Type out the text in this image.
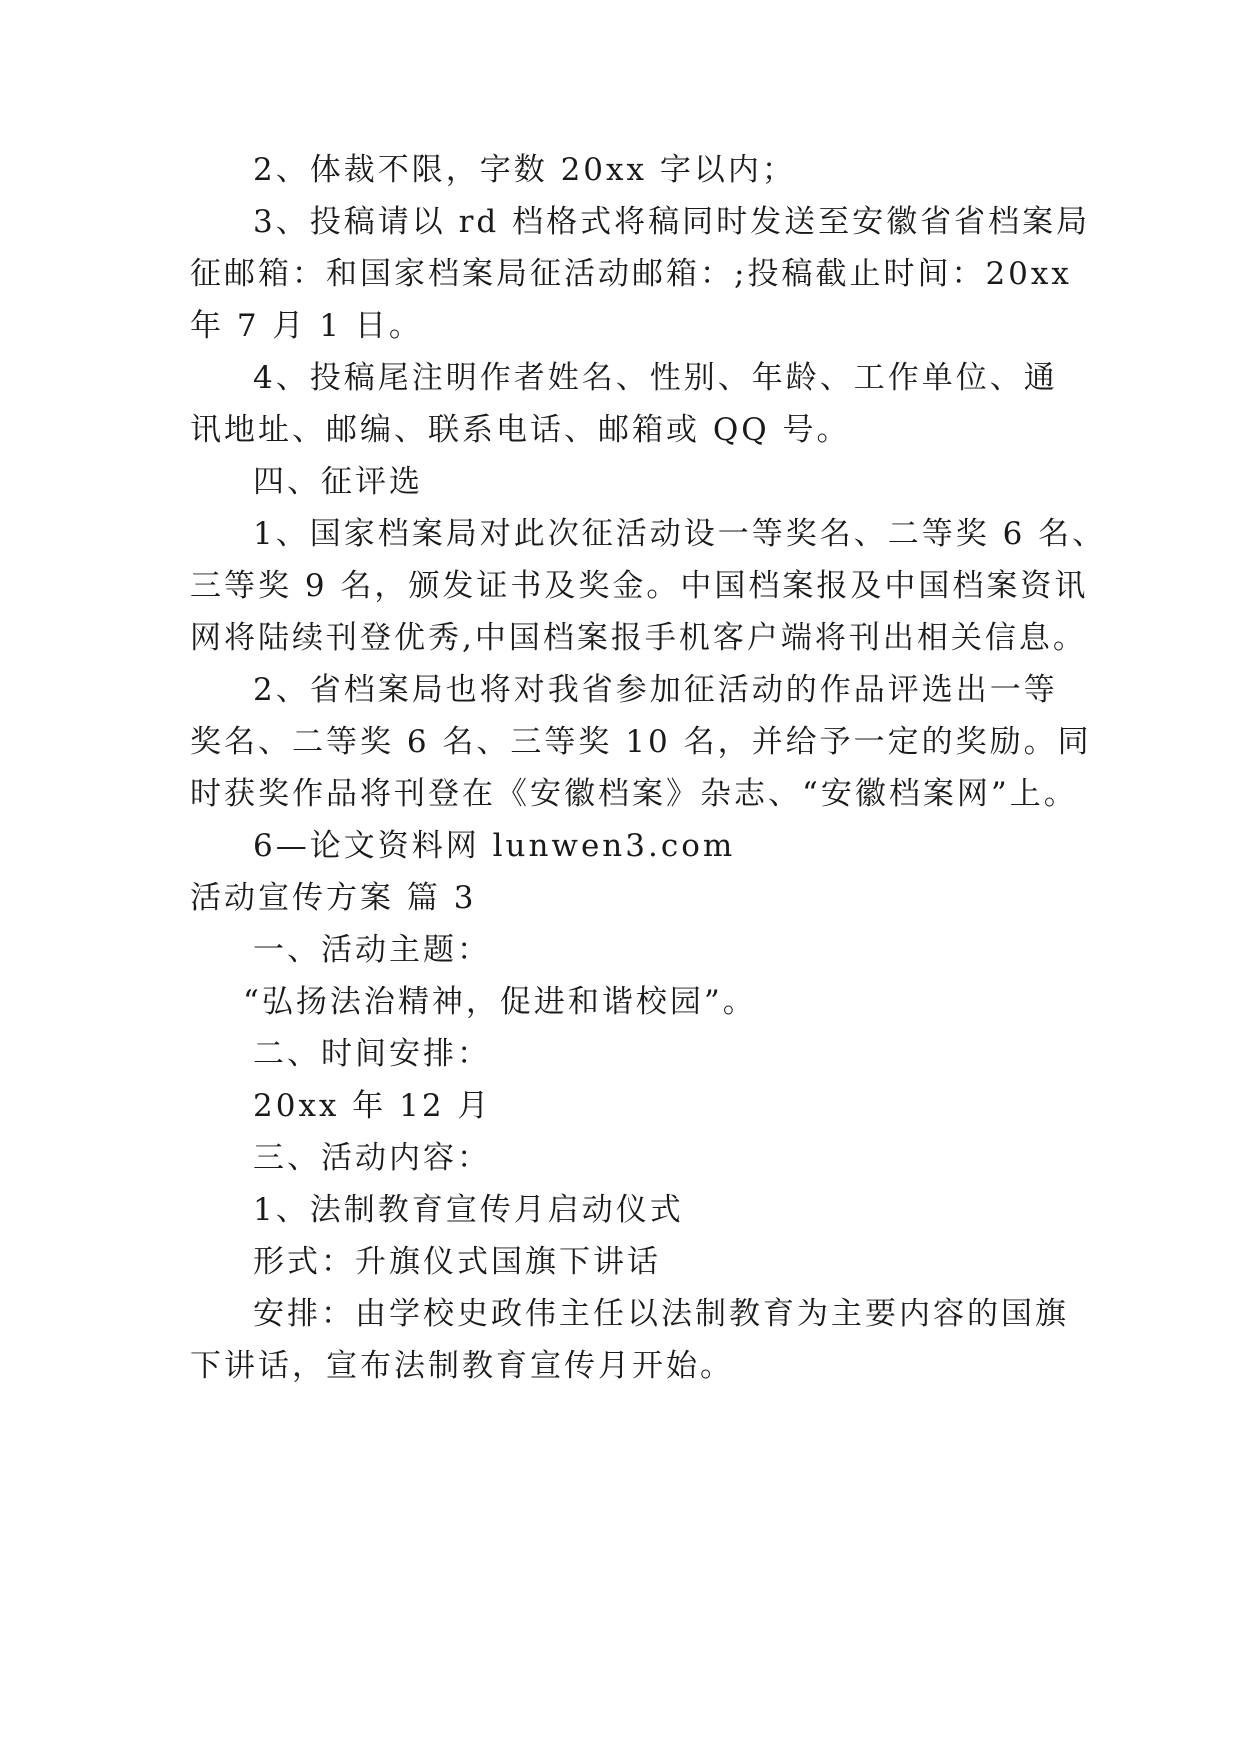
2、体裁不限，字数 20xx 字以内；
3、投稿请以 rd 档格式将稿同时发送至安徽省省档案局
征邮箱：和国家档案局征活动邮箱：;投稿截止时间：20xx
年 7 月 1 日。
4、投稿尾注明作者姓名、性别、年龄、工作单位、通
讯地址、邮编、联系电话、邮箱或 QQ 号。
四、征评选
1、国家档案局对此次征活动设一等奖名、二等奖 6 名、
三等奖 9 名，颁发证书及奖金。中国档案报及中国档案资讯
网将陆续刊登优秀,中国档案报手机客户端将刊出相关信息。
2、省档案局也将对我省参加征活动的作品评选出一等
奖名、二等奖 6 名、三等奖 10 名，并给予一定的奖励。同
时获奖作品将刊登在《安徽档案》杂志、“安徽档案网”上。
6—论文资料网 lunwen3.com
活动宣传方案 篇 3
一、活动主题：
“弘扬法治精神，促进和谐校园”。
二、时间安排：
20xx 年 12 月
三、活动内容：
1、法制教育宣传月启动仪式
形式：升旗仪式国旗下讲话
安排：由学校史政伟主任以法制教育为主要内容的国旗
下讲话，宣布法制教育宣传月开始。
